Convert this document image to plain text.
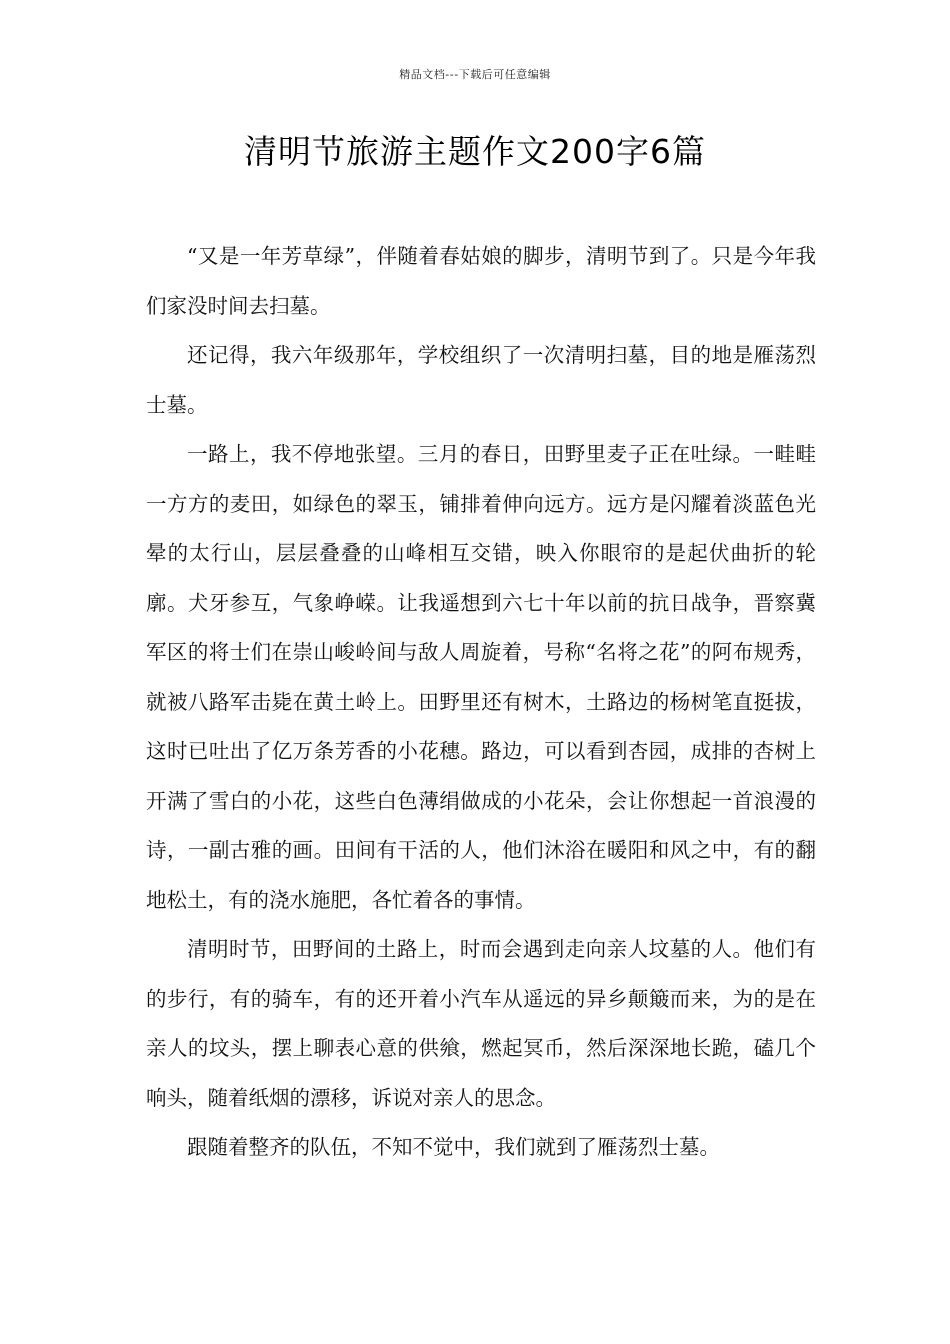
精品文档---下载后可任意编辑
清明节旅游主题作文200字6篇

“又是一年芳草绿”，伴随着春姑娘的脚步，清明节到了。只是今年我们家没时间去扫墓。

还记得，我六年级那年，学校组织了一次清明扫墓，目的地是雁荡烈士墓。

一路上，我不停地张望。三月的春日，田野里麦子正在吐绿。一畦畦一方方的麦田，如绿色的翠玉，铺排着伸向远方。远方是闪耀着淡蓝色光晕的太行山，层层叠叠的山峰相互交错，映入你眼帘的是起伏曲折的轮廓。犬牙参互，气象峥嵘。让我遥想到六七十年以前的抗日战争，晋察冀军区的将士们在崇山峻岭间与敌人周旋着，号称“名将之花”的阿布规秀，就被八路军击毙在黄土岭上。田野里还有树木，土路边的杨树笔直挺拔，这时已吐出了亿万条芳香的小花穗。路边，可以看到杏园，成排的杏树上开满了雪白的小花，这些白色薄绢做成的小花朵，会让你想起一首浪漫的诗，一副古雅的画。田间有干活的人，他们沐浴在暖阳和风之中，有的翻地松土，有的浇水施肥，各忙着各的事情。

清明时节，田野间的土路上，时而会遇到走向亲人坟墓的人。他们有的步行，有的骑车，有的还开着小汽车从遥远的异乡颠簸而来，为的是在亲人的坟头，摆上聊表心意的供飨，燃起冥币，然后深深地长跪，磕几个响头，随着纸烟的漂移，诉说对亲人的思念。

跟随着整齐的队伍，不知不觉中，我们就到了雁荡烈士墓。
